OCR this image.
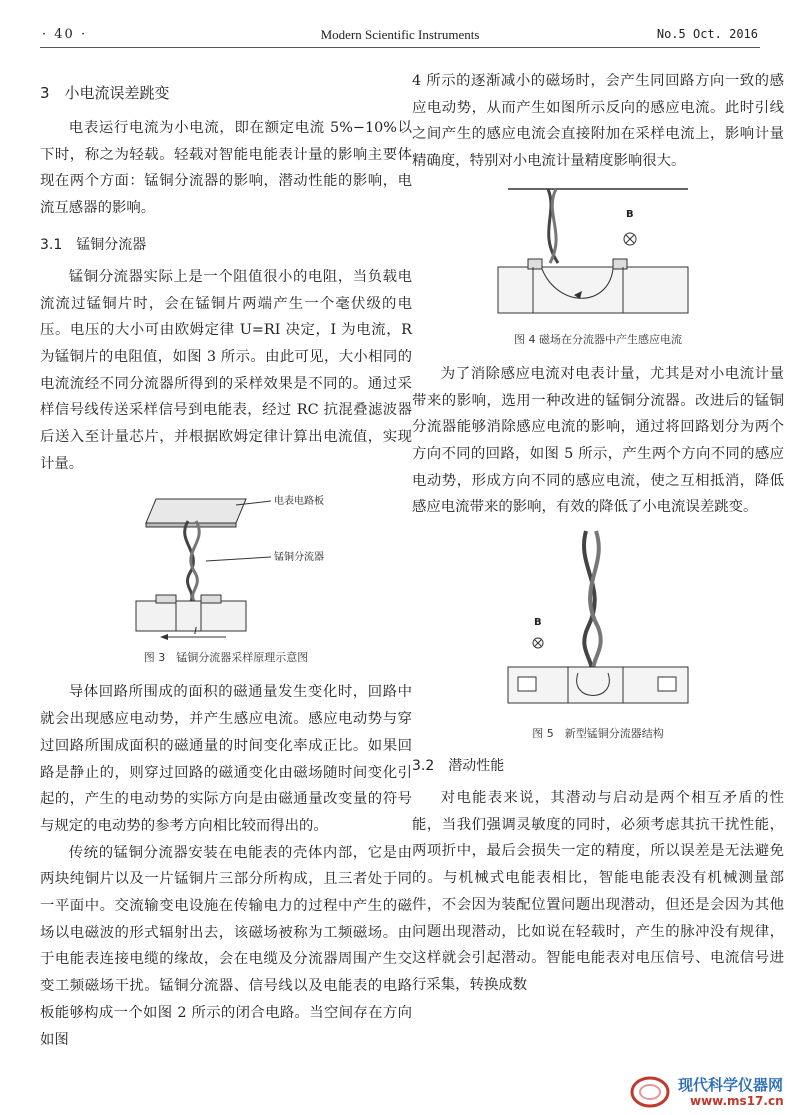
· 40 ·	Modern Scientific Instruments	No.5 Oct. 2016
3　小电流误差跳变

电表运行电流为小电流，即在额定电流 5%−10%以下时，称之为轻载。轻载对智能电能表计量的影响主要体现在两个方面：锰铜分流器的影响，潜动性能的影响，电流互感器的影响。

3.1　锰铜分流器

锰铜分流器实际上是一个阻值很小的电阻，当负载电流流过锰铜片时，会在锰铜片两端产生一个毫伏级的电压。电压的大小可由欧姆定律 U=RI 决定，I 为电流，R 为锰铜片的电阻值，如图 3 所示。由此可见，大小相同的电流流经不同分流器所得到的采样效果是不同的。通过采样信号线传送采样信号到电能表，经过 RC 抗混叠滤波器后送入至计量芯片，并根据欧姆定律计算出电流值，实现计量。

电表电路板
锰铜分流器
I
图 3　锰铜分流器采样原理示意图

导体回路所围成的面积的磁通量发生变化时，回路中就会出现感应电动势，并产生感应电流。感应电动势与穿过回路所围成面积的磁通量的时间变化率成正比。如果回路是静止的，则穿过回路的磁通变化由磁场随时间变化引起的，产生的电动势的实际方向是由磁通量改变量的符号与规定的电动势的参考方向相比较而得出的。

传统的锰铜分流器安装在电能表的壳体内部，它是由两块纯铜片以及一片锰铜片三部分所构成，且三者处于同一平面中。交流输变电设施在传输电力的过程中产生的磁场以电磁波的形式辐射出去，该磁场被称为工频磁场。由于电能表连接电缆的缘故，会在电缆及分流器周围产生交变工频磁场干扰。锰铜分流器、信号线以及电能表的电路板能够构成一个如图 2 所示的闭合电路。当空间存在方向如图

4 所示的逐渐减小的磁场时，会产生同回路方向一致的感应电动势，从而产生如图所示反向的感应电流。此时引线之间产生的感应电流会直接附加在采样电流上，影响计量精确度，特别对小电流计量精度影响很大。

B
图 4 磁场在分流器中产生感应电流

为了消除感应电流对电表计量，尤其是对小电流计量带来的影响，选用一种改进的锰铜分流器。改进后的锰铜分流器能够消除感应电流的影响，通过将回路划分为两个方向不同的回路，如图 5 所示，产生两个方向不同的感应电动势，形成方向不同的感应电流，使之互相抵消，降低感应电流带来的影响，有效的降低了小电流误差跳变。

B
图 5　新型锰铜分流器结构
3.2　潜动性能

对电能表来说，其潜动与启动是两个相互矛盾的性能，当我们强调灵敏度的同时，必须考虑其抗干扰性能，两项折中，最后会损失一定的精度，所以误差是无法避免的。与机械式电能表相比，智能电能表没有机械测量部件，不会因为装配位置问题出现潜动，但还是会因为其他问题出现潜动，比如说在轻载时，产生的脉冲没有规律，这样就会引起潜动。智能电能表对电压信号、电流信号进行采集，转换成数

现代科学仪器网
www.ms17.cn
